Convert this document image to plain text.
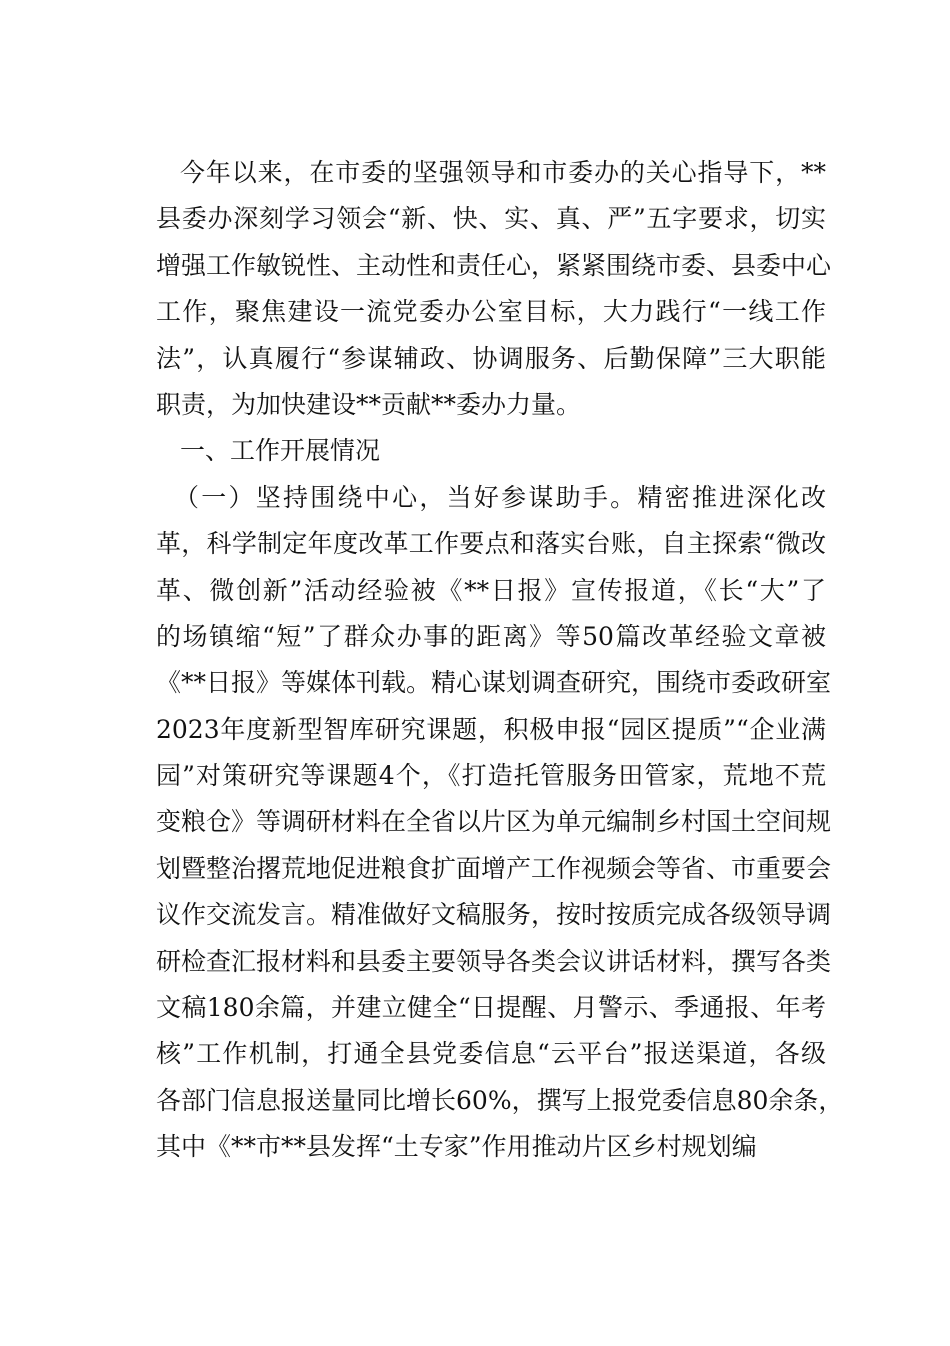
今年以来，在市委的坚强领导和市委办的关心指导下，**
县委办深刻学习领会“新、快、实、真、严”五字要求，切实
增强工作敏锐性、主动性和责任心，紧紧围绕市委、县委中心
工作，聚焦建设一流党委办公室目标，大力践行“一线工作
法”，认真履行“参谋辅政、协调服务、后勤保障”三大职能
职责，为加快建设**贡献**委办力量。
一、工作开展情况
（一）坚持围绕中心，当好参谋助手。精密推进深化改
革，科学制定年度改革工作要点和落实台账，自主探索“微改
革、微创新”活动经验被《**日报》宣传报道，《长“大”了
的场镇缩“短”了群众办事的距离》等50篇改革经验文章被
《**日报》等媒体刊载。精心谋划调查研究，围绕市委政研室
2023年度新型智库研究课题，积极申报“园区提质”“企业满
园”对策研究等课题4个，《打造托管服务田管家，荒地不荒
变粮仓》等调研材料在全省以片区为单元编制乡村国土空间规
划暨整治撂荒地促进粮食扩面增产工作视频会等省、市重要会
议作交流发言。精准做好文稿服务，按时按质完成各级领导调
研检查汇报材料和县委主要领导各类会议讲话材料，撰写各类
文稿180余篇，并建立健全“日提醒、月警示、季通报、年考
核”工作机制，打通全县党委信息“云平台”报送渠道，各级
各部门信息报送量同比增长60%，撰写上报党委信息80余条，
其中《**市**县发挥“土专家”作用推动片区乡村规划编
